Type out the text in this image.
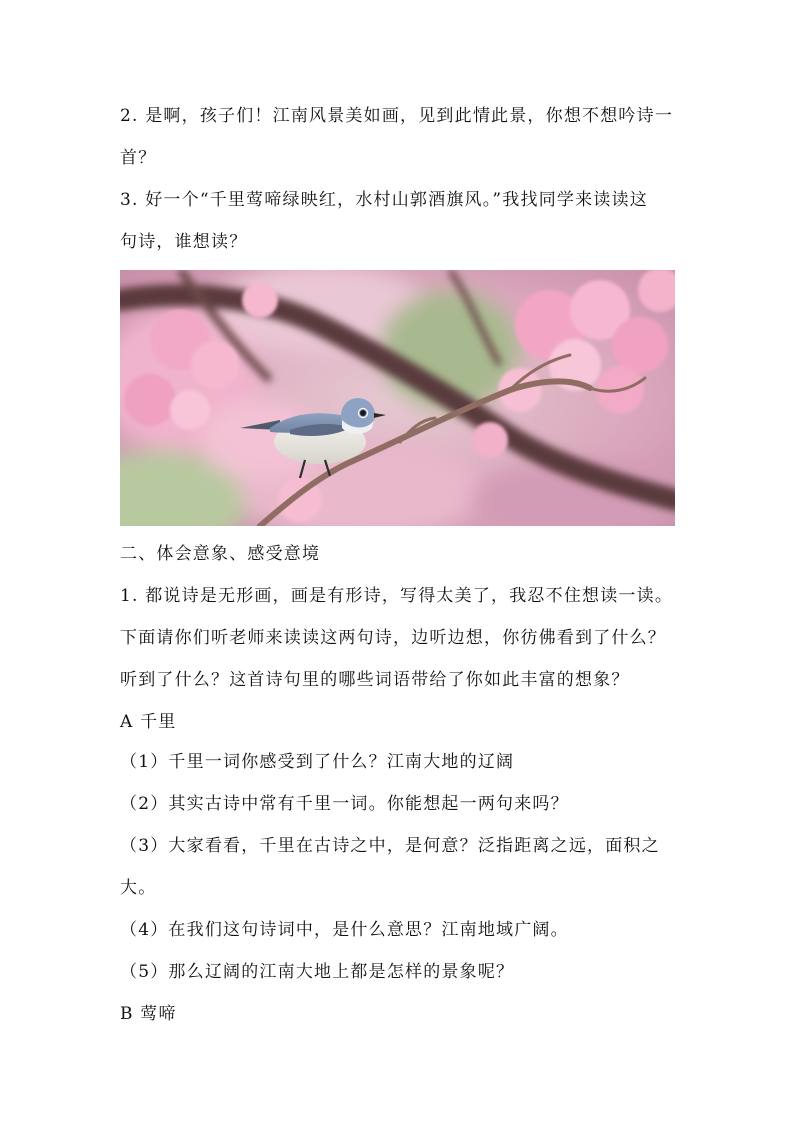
2. 是啊，孩子们！江南风景美如画，见到此情此景，你想不想吟诗一

首？

3. 好一个“千里莺啼绿映红，水村山郭酒旗风。”我找同学来读读这

句诗，谁想读？

二、体会意象、感受意境

1. 都说诗是无形画，画是有形诗，写得太美了，我忍不住想读一读。

下面请你们听老师来读读这两句诗，边听边想，你彷佛看到了什么？

听到了什么？这首诗句里的哪些词语带给了你如此丰富的想象？

A 千里

（1）千里一词你感受到了什么？江南大地的辽阔

（2）其实古诗中常有千里一词。你能想起一两句来吗？

（3）大家看看，千里在古诗之中，是何意？泛指距离之远，面积之

大。

（4）在我们这句诗词中，是什么意思？江南地域广阔。

（5）那么辽阔的江南大地上都是怎样的景象呢？

B 莺啼
